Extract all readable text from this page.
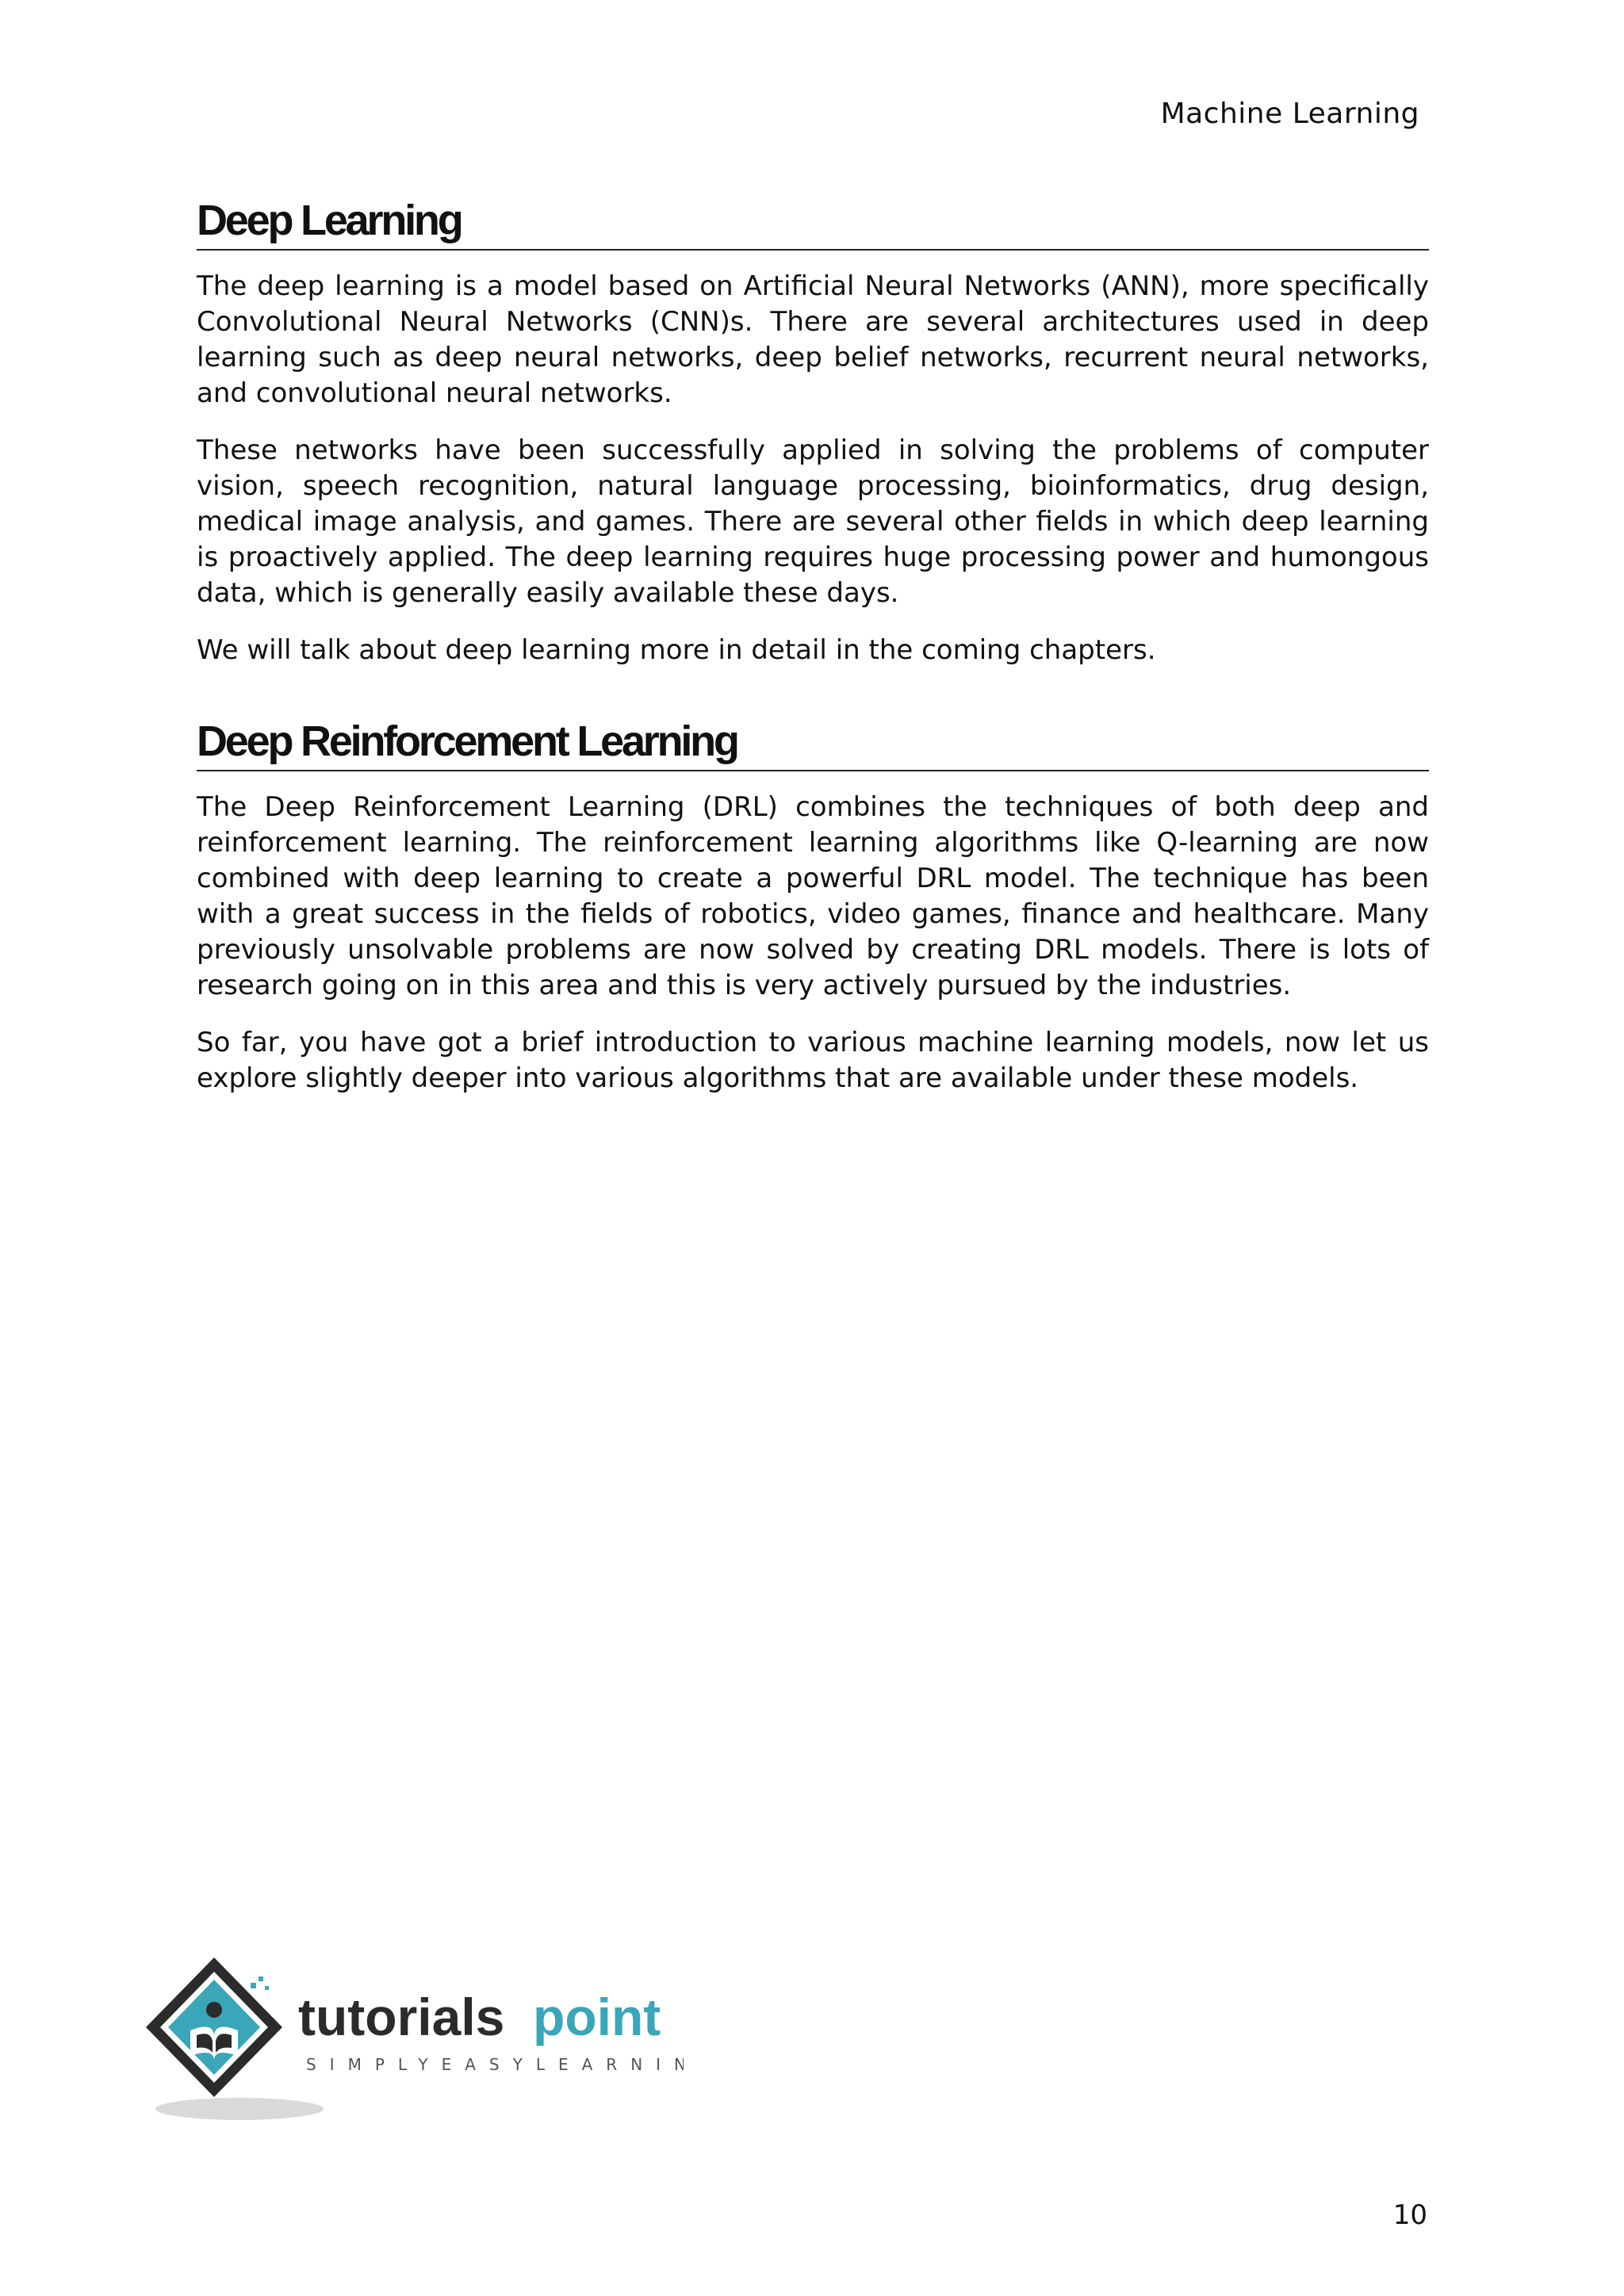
Machine Learning
Deep Learning

The deep learning is a model based on Artificial Neural Networks (ANN), more specifically Convolutional Neural Networks (CNN)s. There are several architectures used in deep learning such as deep neural networks, deep belief networks, recurrent neural networks, and convolutional neural networks.

These networks have been successfully applied in solving the problems of computer vision, speech recognition, natural language processing, bioinformatics, drug design, medical image analysis, and games. There are several other fields in which deep learning is proactively applied. The deep learning requires huge processing power and humongous data, which is generally easily available these days.

We will talk about deep learning more in detail in the coming chapters.

Deep Reinforcement Learning

The Deep Reinforcement Learning (DRL) combines the techniques of both deep and reinforcement learning. The reinforcement learning algorithms like Q-learning are now combined with deep learning to create a powerful DRL model. The technique has been with a great success in the fields of robotics, video games, finance and healthcare. Many previously unsolvable problems are now solved by creating DRL models. There is lots of research going on in this area and this is very actively pursued by the industries.

So far, you have got a brief introduction to various machine learning models, now let us explore slightly deeper into various algorithms that are available under these models.

tutorials point
SIMPLYEASYLEARNING
10
